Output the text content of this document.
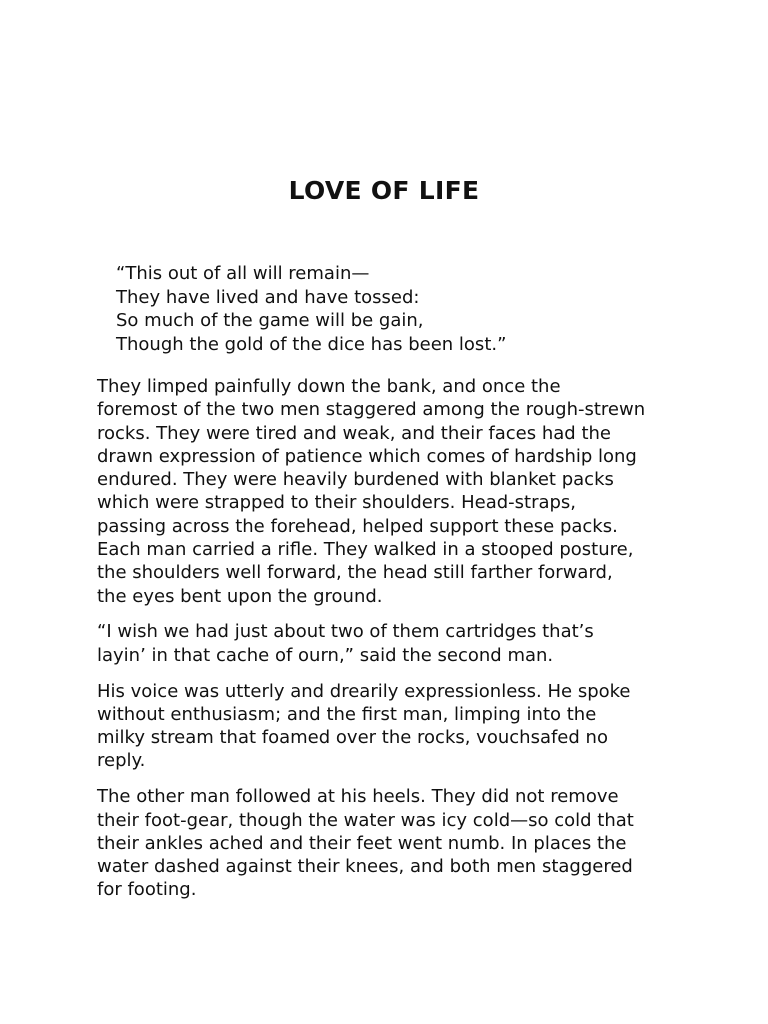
LOVE OF LIFE
“This out of all will remain—
They have lived and have tossed:
So much of the game will be gain,
Though the gold of the dice has been lost.”

They limped painfully down the bank, and once the
foremost of the two men staggered among the rough-strewn
rocks. They were tired and weak, and their faces had the
drawn expression of patience which comes of hardship long
endured. They were heavily burdened with blanket packs
which were strapped to their shoulders. Head-straps,
passing across the forehead, helped support these packs.
Each man carried a rifle. They walked in a stooped posture,
the shoulders well forward, the head still farther forward,
the eyes bent upon the ground.

“I wish we had just about two of them cartridges that’s
layin’ in that cache of ourn,” said the second man.

His voice was utterly and drearily expressionless. He spoke
without enthusiasm; and the first man, limping into the
milky stream that foamed over the rocks, vouchsafed no
reply.

The other man followed at his heels. They did not remove
their foot-gear, though the water was icy cold—so cold that
their ankles ached and their feet went numb. In places the
water dashed against their knees, and both men staggered
for footing.
